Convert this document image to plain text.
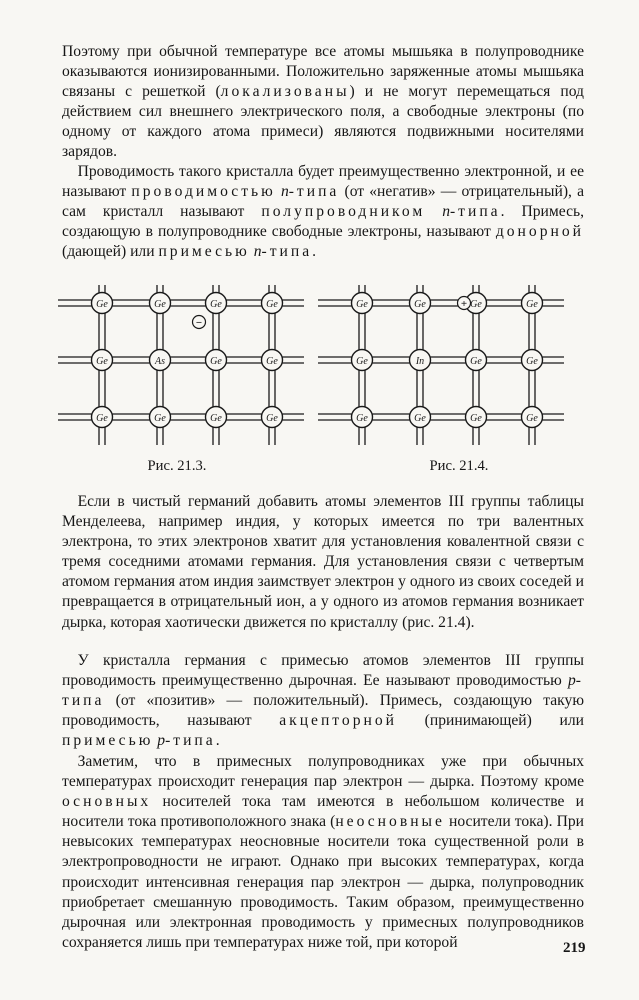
Поэтому при обычной температуре все атомы мышьяка в полупроводнике оказываются ионизированными. Положительно заряженные атомы мышьяка связаны с решеткой (локализованы) и не могут перемещаться под действием сил внешнего электрического поля, а свободные электроны (по одному от каждого атома примеси) являются подвижными носителями зарядов.

 Проводимость такого кристалла будет преимущественно электронной, и ее называют проводимостью n-типа (от «негатив» — отрицательный), а сам кристалл называют полупроводником n-типа. Примесь, создающую в полупроводнике свободные электроны, называют донорной (дающей) или примесью n-типа.

Ge	Ge	Ge	Ge
Ge	As	Ge	Ge
Ge	Ge	Ge	Ge
−
Ge	Ge	Ge	Ge
Ge	In	Ge	Ge
Ge	Ge	Ge	Ge
+
Рис. 21.3.	Рис. 21.4.

 Если в чистый германий добавить атомы элементов III группы таблицы Менделеева, например индия, у которых имеется по три валентных электрона, то этих электронов хватит для установления ковалентной связи с тремя соседними атомами германия. Для установления связи с четвертым атомом германия атом индия заимствует электрон у одного из своих соседей и превращается в отрицательный ион, а у одного из атомов германия возникает дырка, которая хаотически движется по кристаллу (рис. 21.4).

 У кристалла германия с примесью атомов элементов III группы проводимость преимущественно дырочная. Ее называют проводимостью p-типа (от «позитив» — положительный). Примесь, создающую такую проводимость, называют акцепторной (принимающей) или примесью p-типа.

 Заметим, что в примесных полупроводниках уже при обычных температурах происходит генерация пар электрон — дырка. Поэтому кроме основных носителей тока там имеются в небольшом количестве и носители тока противоположного знака (неосновные носители тока). При невысоких температурах неосновные носители тока существенной роли в электропроводности не играют. Однако при высоких температурах, когда происходит интенсивная генерация пар электрон — дырка, полупроводник приобретает смешанную проводимость. Таким образом, преимущественно дырочная или электронная проводимость у примесных полупроводников сохраняется лишь при температурах ниже той, при которой	219
